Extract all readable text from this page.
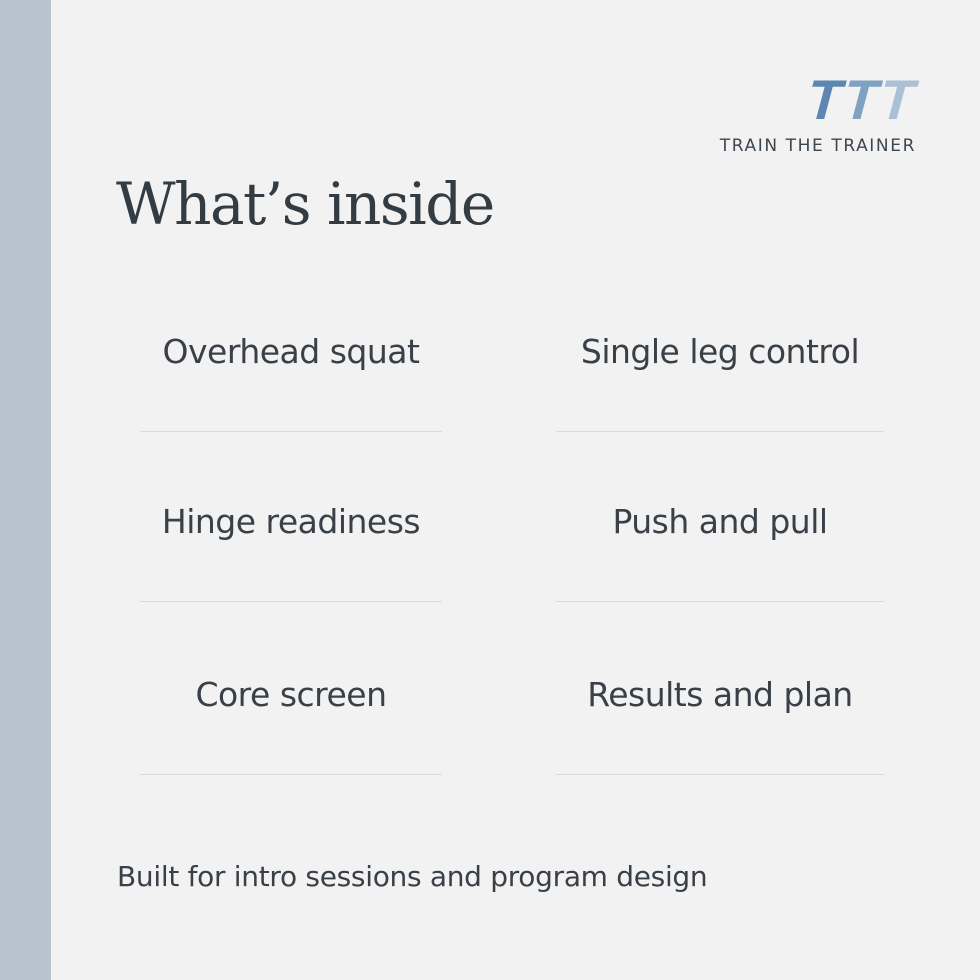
TTT
TRAIN THE TRAINER
What’s inside
Overhead squat	Single leg control
Hinge readiness	Push and pull
Core screen	Results and plan
Built for intro sessions and program design
